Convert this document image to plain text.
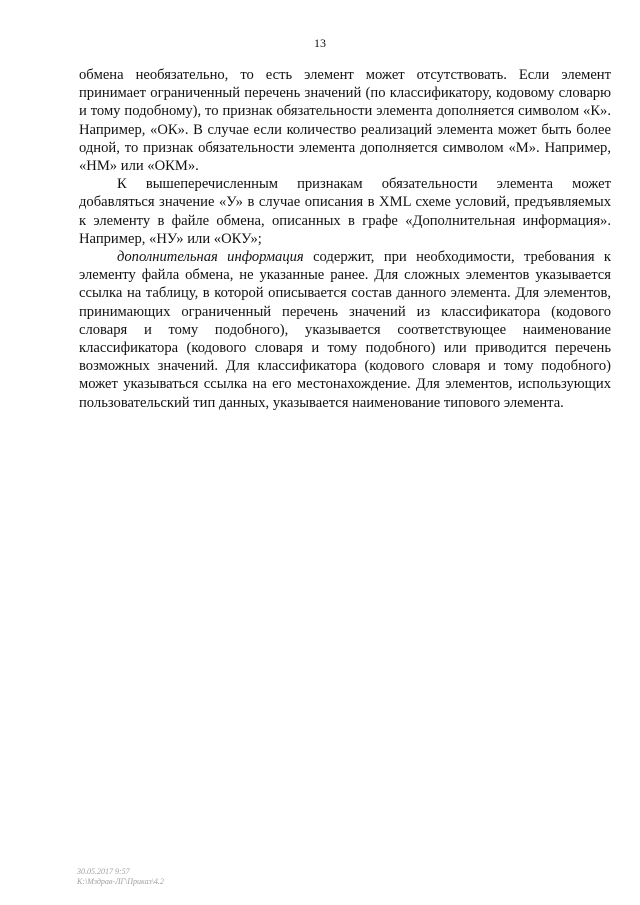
13

обмена необязательно, то есть элемент может отсутствовать. Если элемент принимает ограниченный перечень значений (по классификатору, кодовому словарю и тому подобному), то признак обязательности элемента дополняется символом «К». Например, «ОК». В случае если количество реализаций элемента может быть более одной, то признак обязательности элемента дополняется символом «М». Например, «НМ» или «ОКМ».

К вышеперечисленным признакам обязательности элемента может добавляться значение «У» в случае описания в XML схеме условий, предъявляемых к элементу в файле обмена, описанных в графе «Дополнительная информация». Например, «НУ» или «ОКУ»;

дополнительная информация содержит, при необходимости, требования к элементу файла обмена, не указанные ранее. Для сложных элементов указывается ссылка на таблицу, в которой описывается состав данного элемента. Для элементов, принимающих ограниченный перечень значений из классификатора (кодового словаря и тому подобного), указывается соответствующее наименование классификатора (кодового словаря и тому подобного) или приводится перечень возможных значений. Для классификатора (кодового словаря и тому подобного) может указываться ссылка на его местонахождение. Для элементов, использующих пользовательский тип данных, указывается наименование типового элемента.

30.05.2017 9:57
К:\Мздрав-ЛГ\Приказ\4.2
